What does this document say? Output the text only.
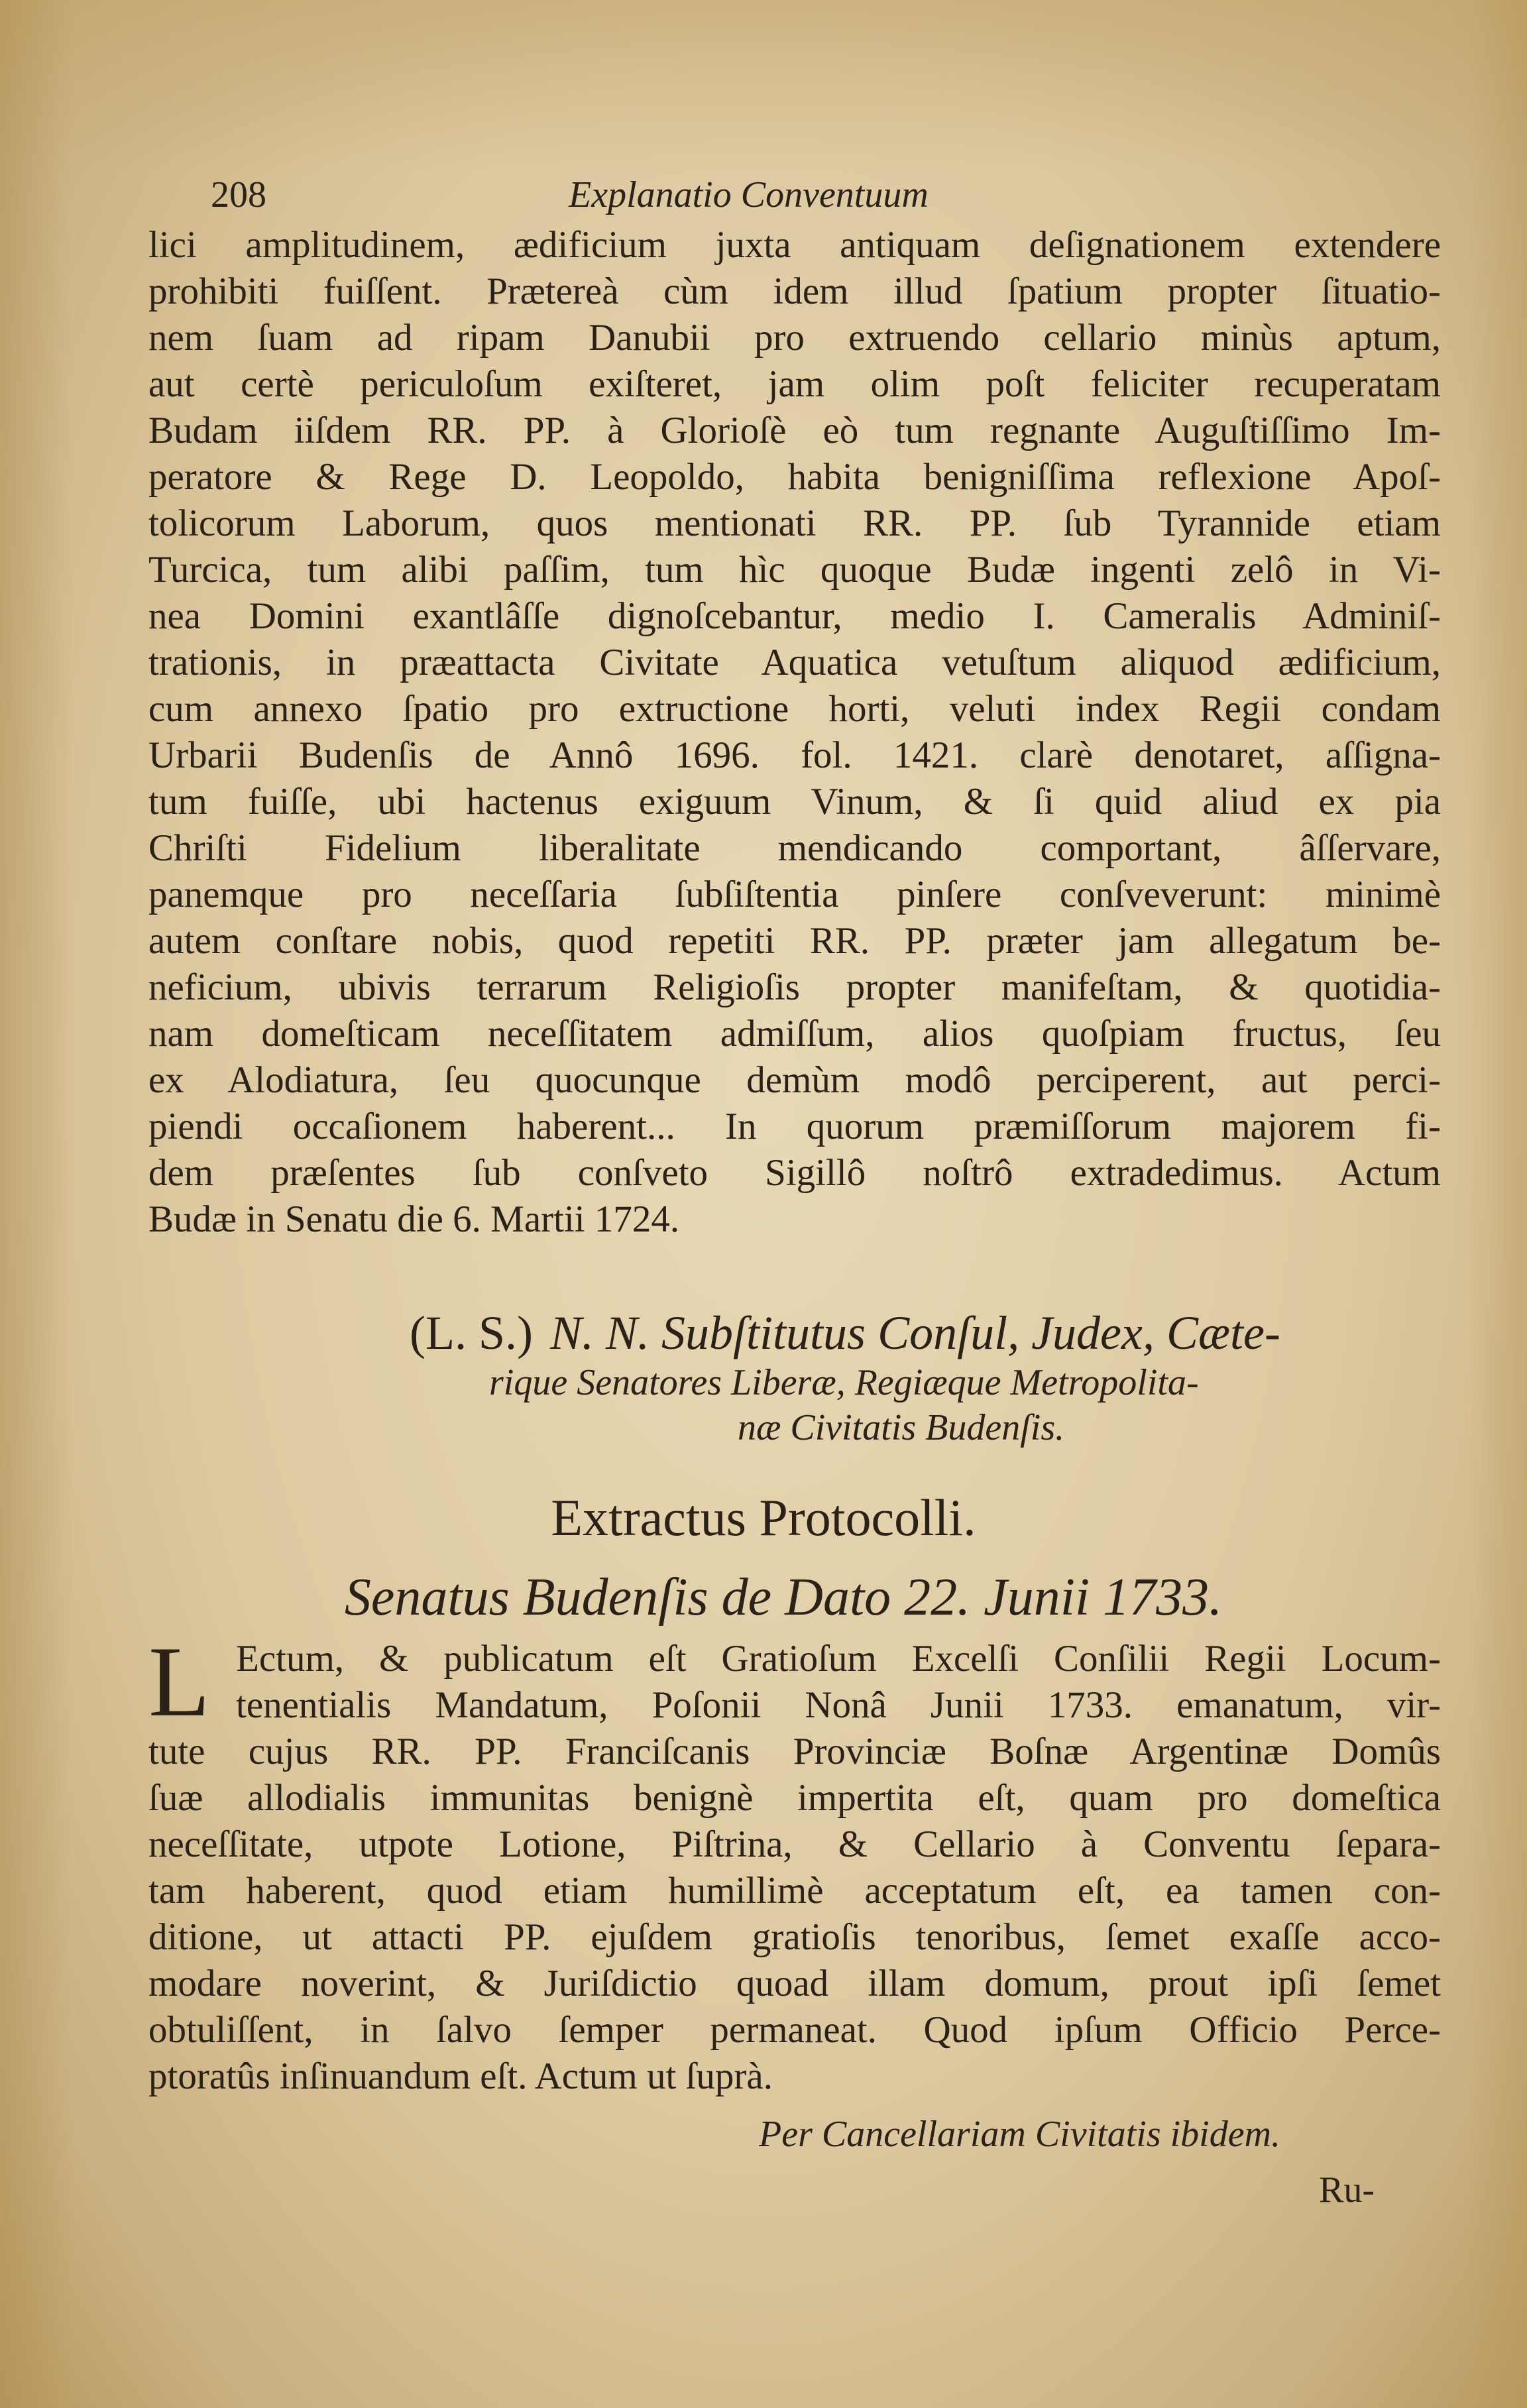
208	Explanatio Conventuum
lici amplitudinem, ædificium juxta antiquam deſignationem extendere
prohibiti fuiſſent. Prætereà cùm idem illud ſpatium propter ſituatio-
nem ſuam ad ripam Danubii pro extruendo cellario minùs aptum,
aut certè periculoſum exiſteret, jam olim poſt feliciter recuperatam
Budam iiſdem RR. PP. à Glorioſè eò tum regnante Auguſtiſſimo Im-
peratore & Rege D. Leopoldo, habita benigniſſima reflexione Apoſ-
tolicorum Laborum, quos mentionati RR. PP. ſub Tyrannide etiam
Turcica, tum alibi paſſim, tum hìc quoque Budæ ingenti zelô in Vi-
nea Domini exantlâſſe dignoſcebantur, medio I. Cameralis Adminiſ-
trationis, in præattacta Civitate Aquatica vetuſtum aliquod ædificium,
cum annexo ſpatio pro extructione horti, veluti index Regii condam
Urbarii Budenſis de Annô 1696. fol. 1421. clarè denotaret, aſſigna-
tum fuiſſe, ubi hactenus exiguum Vinum, & ſi quid aliud ex pia
Chriſti Fidelium liberalitate mendicando comportant, âſſervare,
panemque pro neceſſaria ſubſiſtentia pinſere conſveverunt: minimè
autem conſtare nobis, quod repetiti RR. PP. præter jam allegatum be-
neficium, ubivis terrarum Religioſis propter manifeſtam, & quotidia-
nam domeſticam neceſſitatem admiſſum, alios quoſpiam fructus, ſeu
ex Alodiatura, ſeu quocunque demùm modô perciperent, aut perci-
piendi occaſionem haberent... In quorum præmiſſorum majorem fi-
dem præſentes ſub conſveto Sigillô noſtrô extradedimus. Actum
Budæ in Senatu die 6. Martii 1724.
(L. S.) N. N. Subſtitutus Conſul, Judex, Cæte-
rique Senatores Liberæ, Regiæque Metropolita-
næ Civitatis Budenſis.
Extractus Protocolli.
Senatus Budenſis de Dato 22. Junii 1733.
L Ectum, & publicatum eſt Gratioſum Excelſi Conſilii Regii Locum-
tenentialis Mandatum, Poſonii Nonâ Junii 1733. emanatum, vir-
tute cujus RR. PP. Franciſcanis Provinciæ Boſnæ Argentinæ Domûs
ſuæ allodialis immunitas benignè impertita eſt, quam pro domeſtica
neceſſitate, utpote Lotione, Piſtrina, & Cellario à Conventu ſepara-
tam haberent, quod etiam humillimè acceptatum eſt, ea tamen con-
ditione, ut attacti PP. ejuſdem gratioſis tenoribus, ſemet exaſſe acco-
modare noverint, & Juriſdictio quoad illam domum, prout ipſi ſemet
obtuliſſent, in ſalvo ſemper permaneat. Quod ipſum Officio Perce-
ptoratûs inſinuandum eſt. Actum ut ſuprà.
Per Cancellariam Civitatis ibidem.
Ru-
